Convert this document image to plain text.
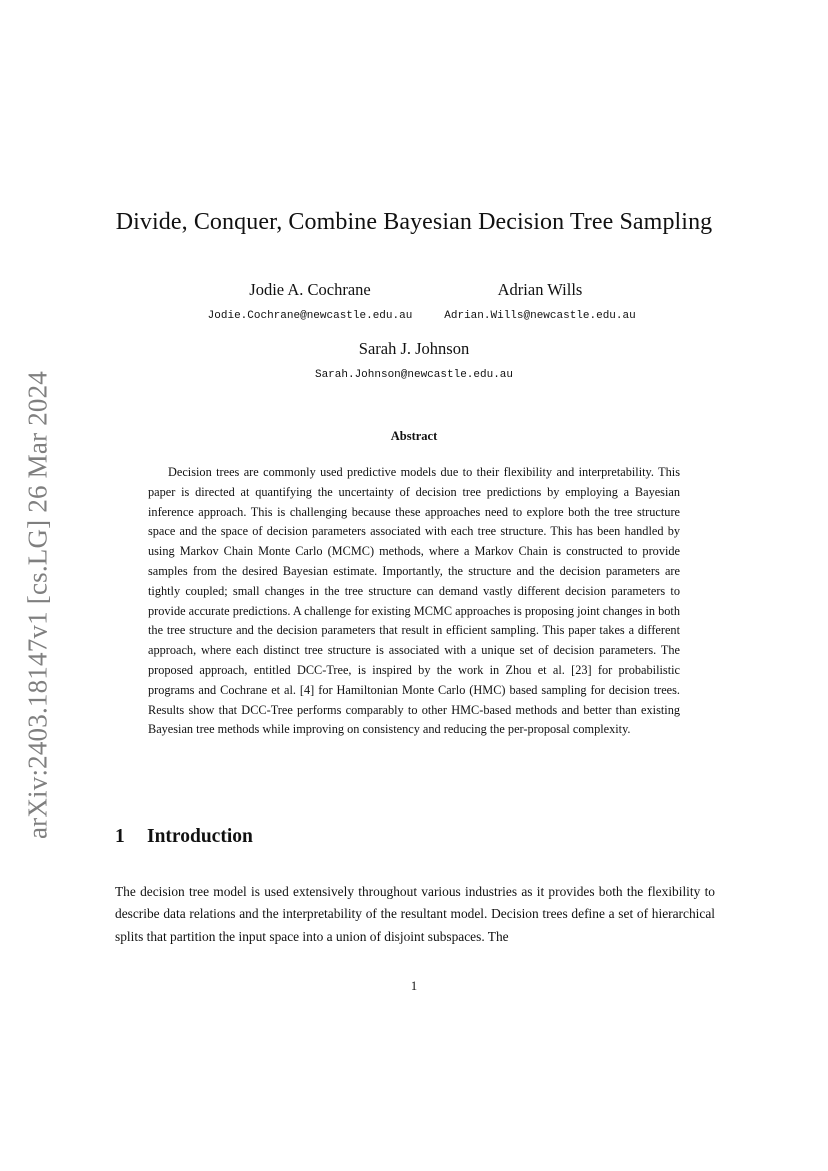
arXiv:2403.18147v1 [cs.LG] 26 Mar 2024
Divide, Conquer, Combine Bayesian Decision Tree Sampling
Jodie A. Cochrane
Jodie.Cochrane@newcastle.edu.au
Adrian Wills
Adrian.Wills@newcastle.edu.au
Sarah J. Johnson
Sarah.Johnson@newcastle.edu.au
Abstract

Decision trees are commonly used predictive models due to their flexibility and interpretability. This paper is directed at quantifying the uncertainty of decision tree predictions by employing a Bayesian inference approach. This is challenging because these approaches need to explore both the tree structure space and the space of decision parameters associated with each tree structure. This has been handled by using Markov Chain Monte Carlo (MCMC) methods, where a Markov Chain is constructed to provide samples from the desired Bayesian estimate. Importantly, the structure and the decision parameters are tightly coupled; small changes in the tree structure can demand vastly different decision parameters to provide accurate predictions. A challenge for existing MCMC approaches is proposing joint changes in both the tree structure and the decision parameters that result in efficient sampling. This paper takes a different approach, where each distinct tree structure is associated with a unique set of decision parameters. The proposed approach, entitled DCC-Tree, is inspired by the work in Zhou et al. [23] for probabilistic programs and Cochrane et al. [4] for Hamiltonian Monte Carlo (HMC) based sampling for decision trees. Results show that DCC-Tree performs comparably to other HMC-based methods and better than existing Bayesian tree methods while improving on consistency and reducing the per-proposal complexity.

1 Introduction

The decision tree model is used extensively throughout various industries as it provides both the flexibility to describe data relations and the interpretability of the resultant model. Decision trees define a set of hierarchical splits that partition the input space into a union of disjoint subspaces. The

1
